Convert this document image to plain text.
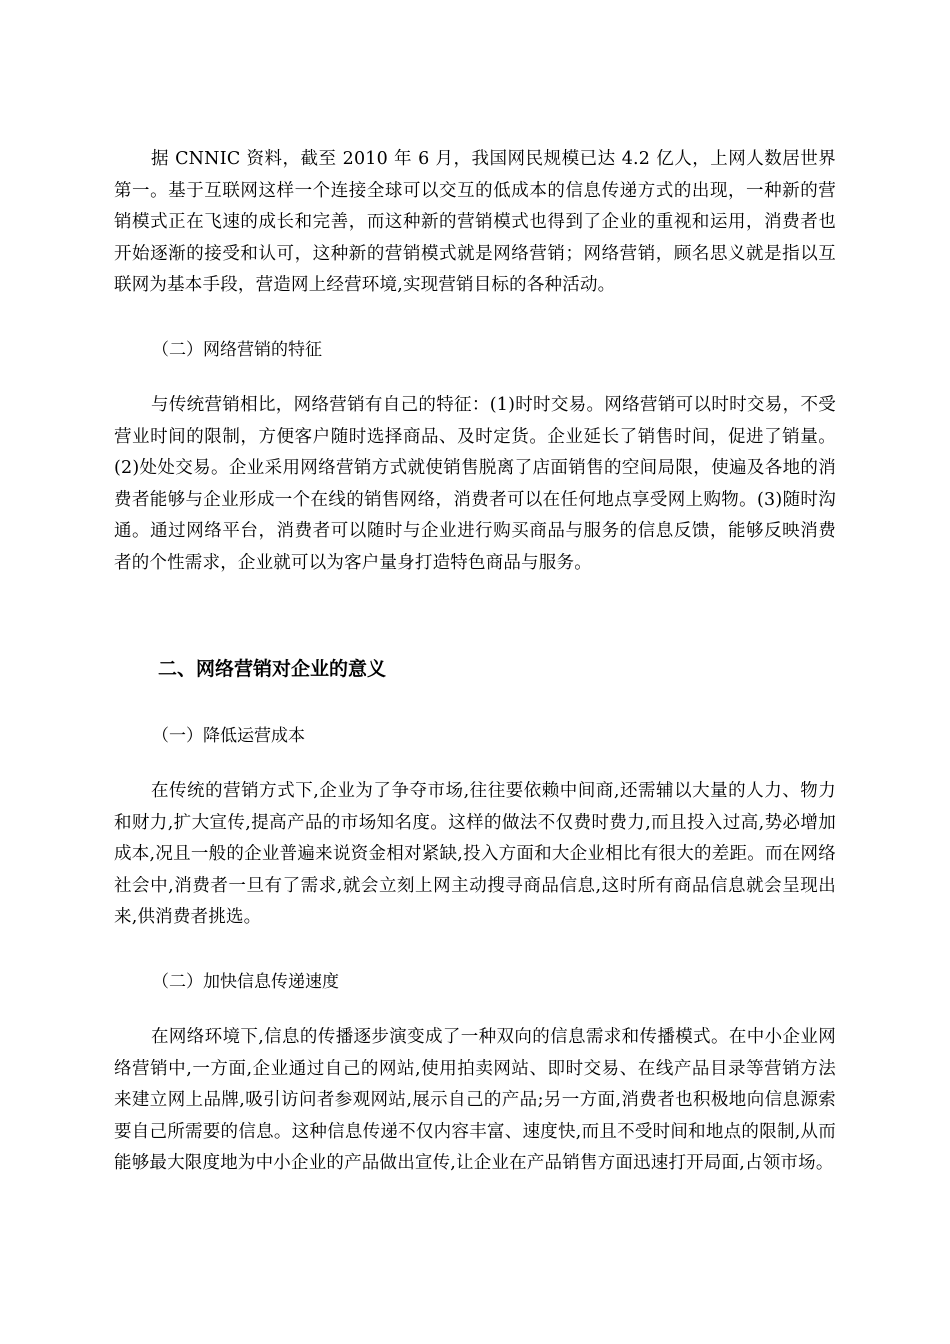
据 CNNIC 资料，截至 2010 年 6 月，我国网民规模已达 4.2 亿人，上网人数居世界第一。基于互联网这样一个连接全球可以交互的低成本的信息传递方式的出现，一种新的营销模式正在飞速的成长和完善，而这种新的营销模式也得到了企业的重视和运用，消费者也开始逐渐的接受和认可，这种新的营销模式就是网络营销；网络营销，顾名思义就是指以互联网为基本手段，营造网上经营环境,实现营销目标的各种活动。

（二）网络营销的特征

与传统营销相比，网络营销有自己的特征：(1)时时交易。网络营销可以时时交易，不受营业时间的限制，方便客户随时选择商品、及时定货。企业延长了销售时间，促进了销量。(2)处处交易。企业采用网络营销方式就使销售脱离了店面销售的空间局限，使遍及各地的消费者能够与企业形成一个在线的销售网络，消费者可以在任何地点享受网上购物。(3)随时沟通。通过网络平台，消费者可以随时与企业进行购买商品与服务的信息反馈，能够反映消费者的个性需求，企业就可以为客户量身打造特色商品与服务。

二、网络营销对企业的意义

（一）降低运营成本

在传统的营销方式下,企业为了争夺市场,往往要依赖中间商,还需辅以大量的人力、物力和财力,扩大宣传,提高产品的市场知名度。这样的做法不仅费时费力,而且投入过高,势必增加成本,况且一般的企业普遍来说资金相对紧缺,投入方面和大企业相比有很大的差距。而在网络社会中,消费者一旦有了需求,就会立刻上网主动搜寻商品信息,这时所有商品信息就会呈现出来,供消费者挑选。

（二）加快信息传递速度

在网络环境下,信息的传播逐步演变成了一种双向的信息需求和传播模式。在中小企业网络营销中,一方面,企业通过自己的网站,使用拍卖网站、即时交易、在线产品目录等营销方法来建立网上品牌,吸引访问者参观网站,展示自己的产品;另一方面,消费者也积极地向信息源索要自己所需要的信息。这种信息传递不仅内容丰富、速度快,而且不受时间和地点的限制,从而能够最大限度地为中小企业的产品做出宣传,让企业在产品销售方面迅速打开局面,占领市场。
